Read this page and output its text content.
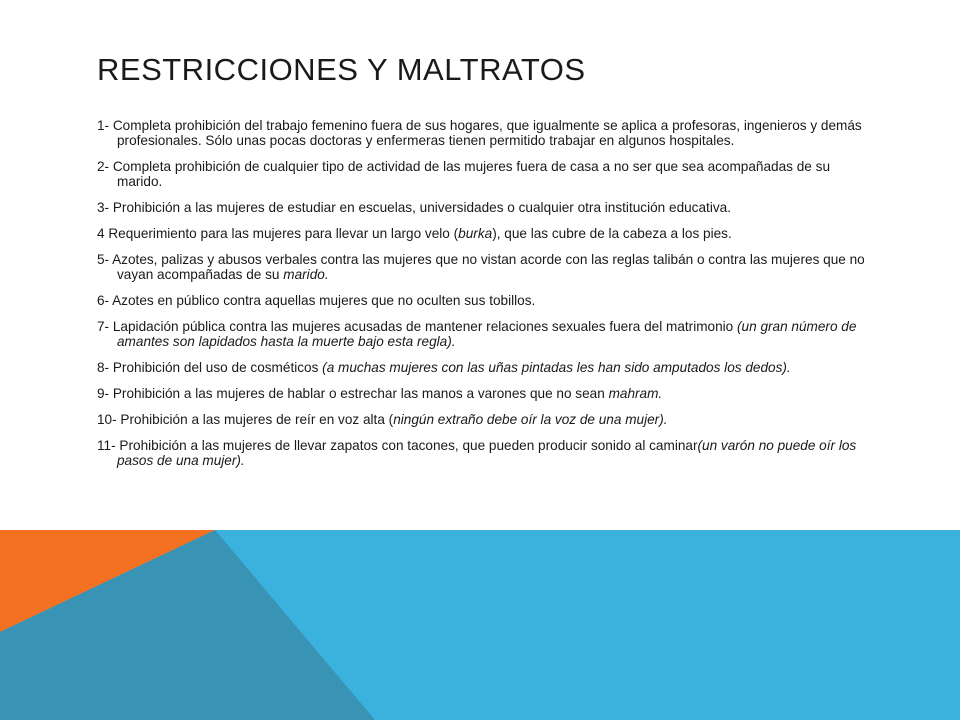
RESTRICCIONES Y MALTRATOS
1- Completa prohibición del trabajo femenino fuera de sus hogares, que igualmente se aplica a profesoras, ingenieros y demás profesionales. Sólo unas pocas doctoras y enfermeras tienen permitido trabajar en algunos hospitales.
2- Completa prohibición de cualquier tipo de actividad de las mujeres fuera de casa a no ser que sea acompañadas de su marido.
3- Prohibición a las mujeres de estudiar en escuelas, universidades o cualquier otra institución educativa.
4 Requerimiento para las mujeres para llevar un largo velo (burka), que las cubre de la cabeza a los pies.
5- Azotes, palizas y abusos verbales contra las mujeres que no vistan acorde con las reglas talibán o contra las mujeres que no vayan acompañadas de su marido.
6- Azotes en público contra aquellas mujeres que no oculten sus tobillos.
7- Lapidación pública contra las mujeres acusadas de mantener relaciones sexuales fuera del matrimonio (un gran número de amantes son lapidados hasta la muerte bajo esta regla).
8- Prohibición del uso de cosméticos (a muchas mujeres con las uñas pintadas les han sido amputados los dedos).
9- Prohibición a las mujeres de hablar o estrechar las manos a varones que no sean mahram.
10- Prohibición a las mujeres de reír en voz alta (ningún extraño debe oír la voz de una mujer).
11- Prohibición a las mujeres de llevar zapatos con tacones, que pueden producir sonido al caminar(un varón no puede oír los pasos de una mujer).
